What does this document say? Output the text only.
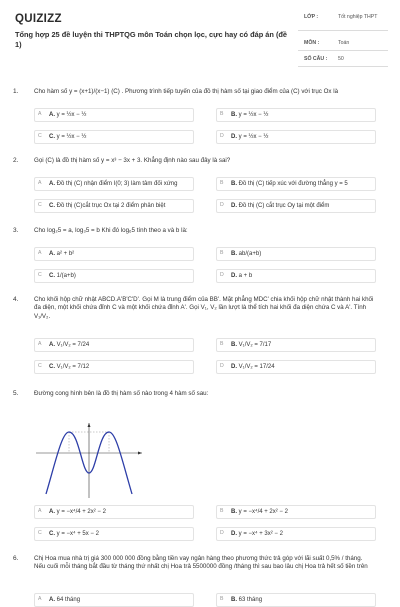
QUIZIZZ
Tổng hợp 25 đề luyện thi THPTQG môn Toán chọn lọc, cực hay có đáp án (đề 1)
LỚP :	Tốt nghiệp THPT
MÔN :	Toán
SỐ CÂU : 50
1.	Cho hàm số y = (x+1)/(x−1) (C) . Phương trình tiếp tuyến của đồ thị hàm số tại giao điểm của (C) với trục Ox là
A A. y = ½x − ½	B B. y = ½x − ½
C C. y = ½x − ½	D D. y = ½x − ½
2.	Gọi (C) là đồ thị hàm số y = x³ − 3x + 3. Khẳng định nào sau đây là sai?
A A. Đồ thị (C) nhận điểm I(0; 3) làm tâm đối xứng	B B. Đồ thị (C) tiếp xúc với đường thẳng y = 5
C C. Đồ thị (C)cắt trục Ox tại 2 điểm phân biệt	D D. Đồ thị (C) cắt trục Oy tại một điểm
3.	Cho log₂5 = a, log₃5 = b Khi đó log₆5 tính theo a và b là:
A A. a² + b²	B B. ab/(a+b)
C C. 1/(a+b)	D D. a + b
4.	Cho khối hộp chữ nhật ABCD.A'B'C'D'. Gọi M là trung điểm của BB'. Mặt phẳng MDC' chia khối hộp chữ nhật thành hai khối đa diện, một khối chứa đỉnh C và một khối chứa đỉnh A'. Gọi V₁, V₂ lần lượt là thể tích hai khối đa diện chứa C và A'. Tính V₁/V₂.
A A. V₁/V₂ = 7/24	B B. V₁/V₂ = 7/17
C C. V₁/V₂ = 7/12	D D. V₁/V₂ = 17/24
5.	Đường cong hình bên là đồ thị hàm số nào trong 4 hàm số sau:
A A. y = −x⁴/4 + 2x² − 2	B B. y = −x⁴/4 + 2x² − 2
C C. y = −x⁴ + 5x − 2	D D. y = −x⁴ + 3x² − 2
6.	Chị Hoa mua nhà trị giá 300 000 000 đồng bằng tiền vay ngân hàng theo phương thức trả góp với lãi suất 0,5% / tháng. Nếu cuối mỗi tháng bắt đầu từ tháng thứ nhất chị Hoa trả 5500000 đồng /tháng thì sau bao lâu chị Hoa trả hết số tiền trên
A A. 64 tháng	B B. 63 tháng
